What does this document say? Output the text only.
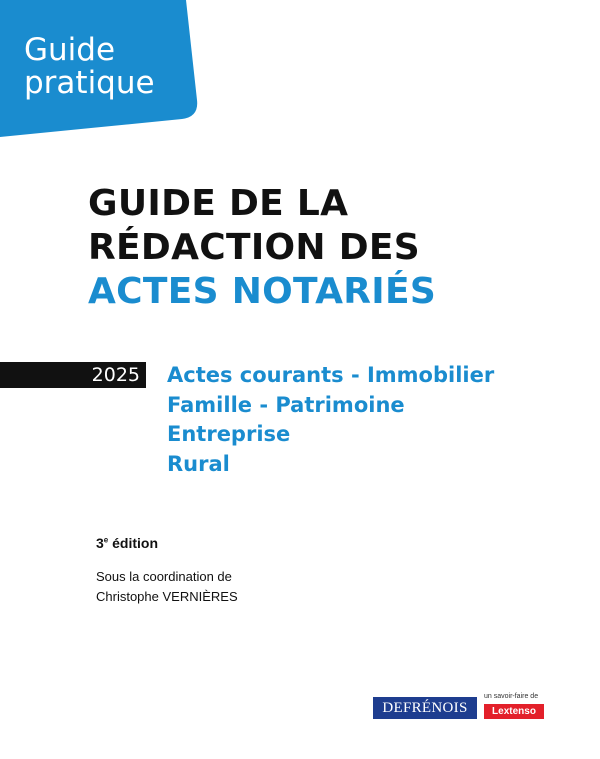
Guide
pratique
GUIDE DE LA
RÉDACTION DES
ACTES NOTARIÉS
2025 Actes courants - Immobilier
Famille - Patrimoine
Entreprise
Rural
3e édition
Sous la coordination de
Christophe VERNIÈRES
DEFRÉNOIS
un savoir-faire de
Lextenso
